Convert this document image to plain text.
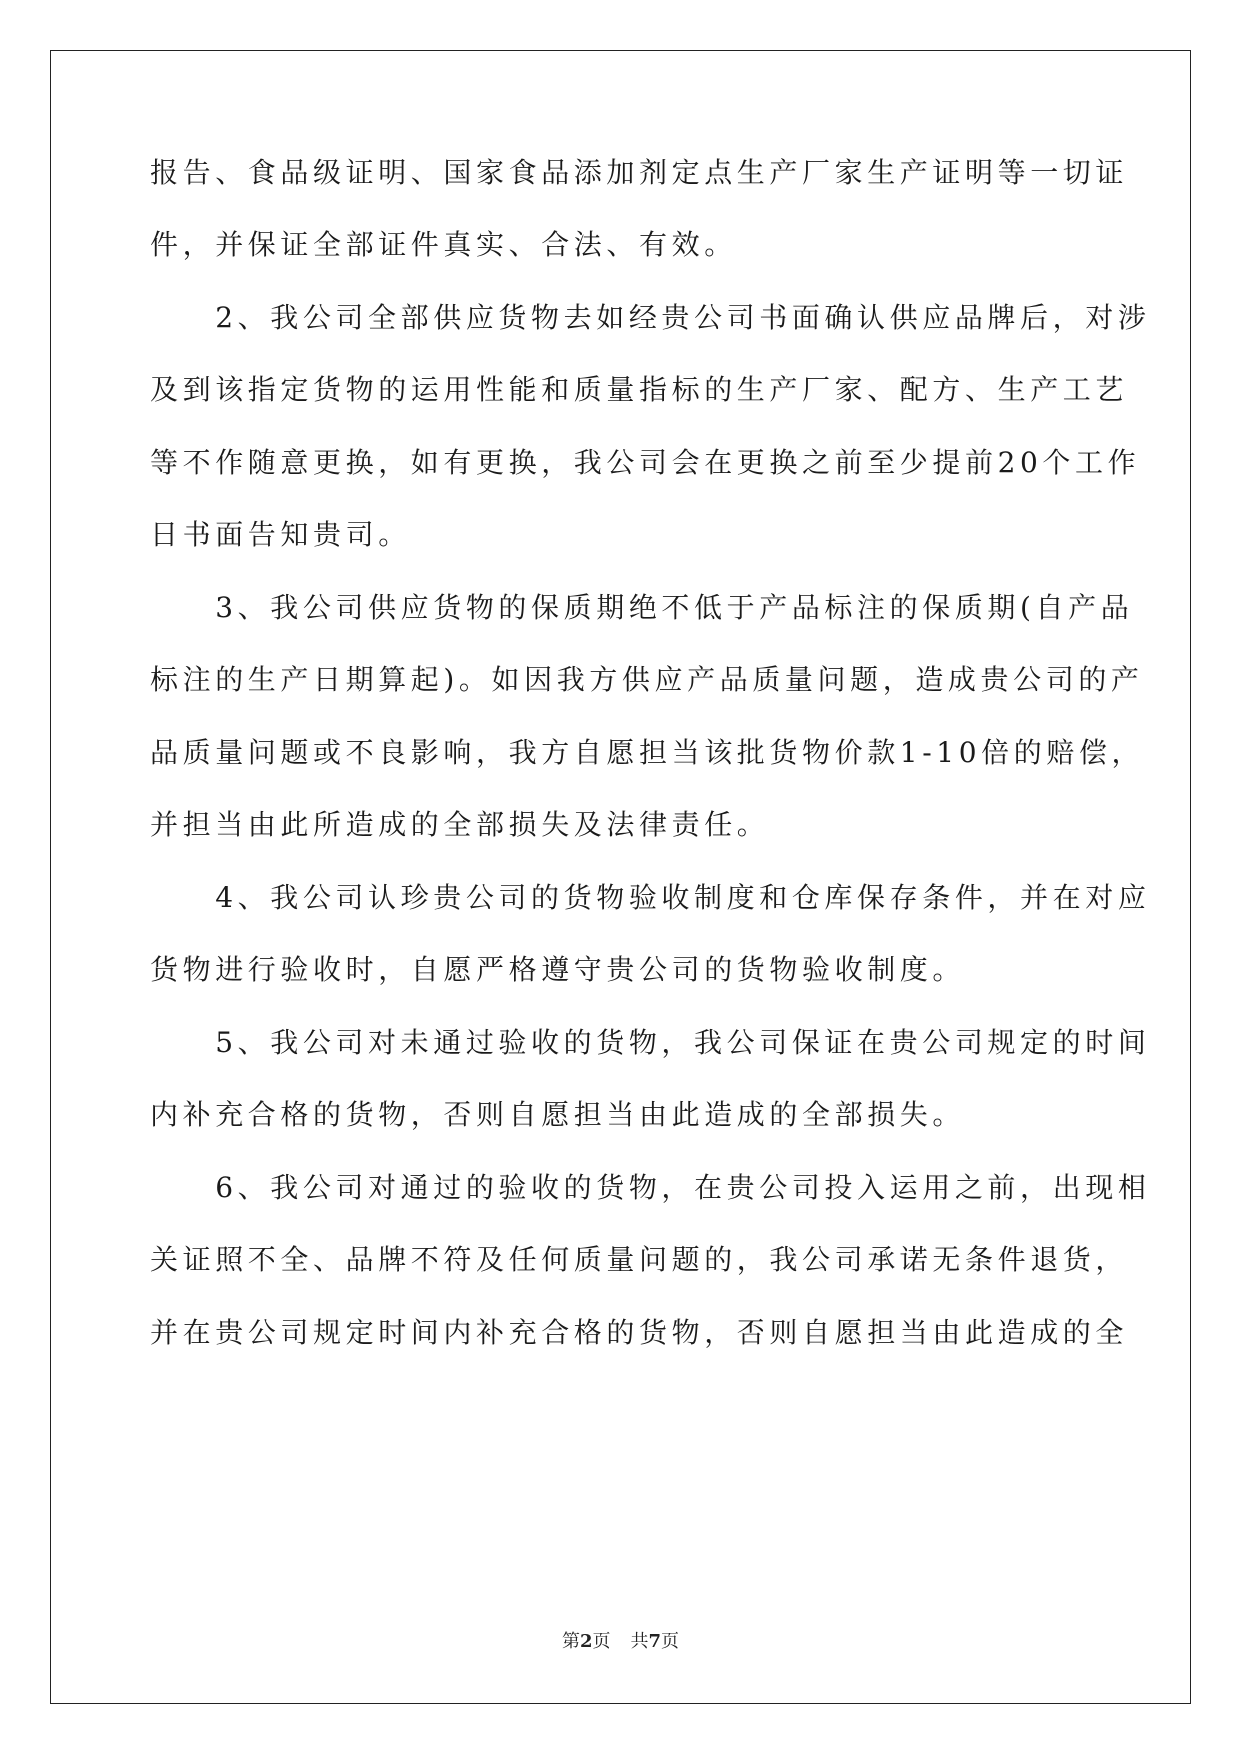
报告、食品级证明、国家食品添加剂定点生产厂家生产证明等一切证
件，并保证全部证件真实、合法、有效。
　　2、我公司全部供应货物去如经贵公司书面确认供应品牌后，对涉
及到该指定货物的运用性能和质量指标的生产厂家、配方、生产工艺
等不作随意更换，如有更换，我公司会在更换之前至少提前20个工作
日书面告知贵司。
　　3、我公司供应货物的保质期绝不低于产品标注的保质期(自产品
标注的生产日期算起)。如因我方供应产品质量问题，造成贵公司的产
品质量问题或不良影响，我方自愿担当该批货物价款1-10倍的赔偿，
并担当由此所造成的全部损失及法律责任。
　　4、我公司认珍贵公司的货物验收制度和仓库保存条件，并在对应
货物进行验收时，自愿严格遵守贵公司的货物验收制度。
　　5、我公司对未通过验收的货物，我公司保证在贵公司规定的时间
内补充合格的货物，否则自愿担当由此造成的全部损失。
　　6、我公司对通过的验收的货物，在贵公司投入运用之前，出现相
关证照不全、品牌不符及任何质量问题的，我公司承诺无条件退货，
并在贵公司规定时间内补充合格的货物，否则自愿担当由此造成的全
第2页 共7页
